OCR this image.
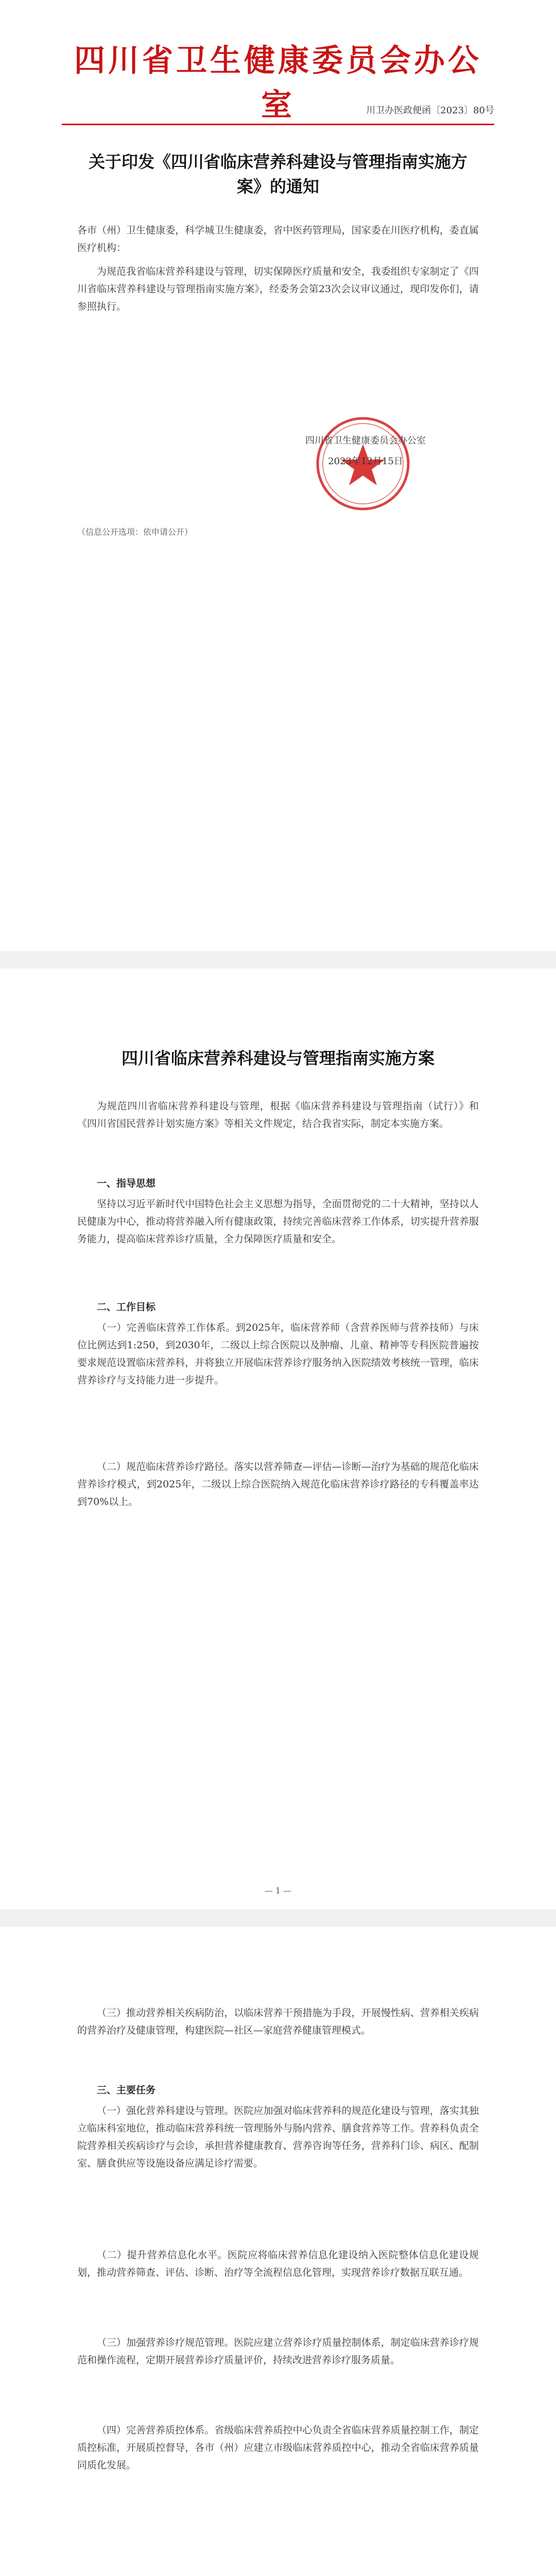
四川省卫生健康委员会办公室	川卫办医政便函〔2023〕80号
关于印发《四川省临床营养科建设与管理指南实施方案》的通知
各市（州）卫生健康委，科学城卫生健康委，省中医药管理局，国家委在川医疗机构，委直属医疗机构：
为规范我省临床营养科建设与管理，切实保障医疗质量和安全，我委组织专家制定了《四川省临床营养科建设与管理指南实施方案》，经委务会第23次会议审议通过，现印发你们，请参照执行。
四川省卫生健康委员会办公室
2023年12月15日
（信息公开选项：依申请公开）
四川省临床营养科建设与管理指南实施方案
为规范四川省临床营养科建设与管理，根据《临床营养科建设与管理指南（试行）》和《四川省国民营养计划实施方案》等相关文件规定，结合我省实际，制定本实施方案。
一、指导思想
坚持以习近平新时代中国特色社会主义思想为指导，全面贯彻党的二十大精神，坚持以人民健康为中心，推动将营养融入所有健康政策，持续完善临床营养工作体系，切实提升营养服务能力，提高临床营养诊疗质量，全力保障医疗质量和安全。
二、工作目标
（一）完善临床营养工作体系。到2025年，临床营养师（含营养医师与营养技师）与床位比例达到1:250，到2030年，二级以上综合医院以及肿瘤、儿童、精神等专科医院普遍按要求规范设置临床营养科，并将独立开展临床营养诊疗服务纳入医院绩效考核统一管理，临床营养诊疗与支持能力进一步提升。
（二）规范临床营养诊疗路径。落实以营养筛查—评估—诊断—治疗为基础的规范化临床营养诊疗模式，到2025年，二级以上综合医院纳入规范化临床营养诊疗路径的专科覆盖率达到70%以上。
— 1 —
（三）推动营养相关疾病防治，以临床营养干预措施为手段，开展慢性病、营养相关疾病的营养治疗及健康管理，构建医院—社区—家庭营养健康管理模式。
三、主要任务
（一）强化营养科建设与管理。医院应加强对临床营养科的规范化建设与管理，落实其独立临床科室地位，推动临床营养科统一管理肠外与肠内营养、膳食营养等工作。营养科负责全院营养相关疾病诊疗与会诊，承担营养健康教育、营养咨询等任务，营养科门诊、病区、配制室、膳食供应等设施设备应满足诊疗需要。
（二）提升营养信息化水平。医院应将临床营养信息化建设纳入医院整体信息化建设规划，推动营养筛查、评估、诊断、治疗等全流程信息化管理，实现营养诊疗数据互联互通。
（三）加强营养诊疗规范管理。医院应建立营养诊疗质量控制体系，制定临床营养诊疗规范和操作流程，定期开展营养诊疗质量评价，持续改进营养诊疗服务质量。
（四）完善营养质控体系。省级临床营养质控中心负责全省临床营养质量控制工作，制定质控标准，开展质控督导，各市（州）应建立市级临床营养质控中心，推动全省临床营养质量同质化发展。
